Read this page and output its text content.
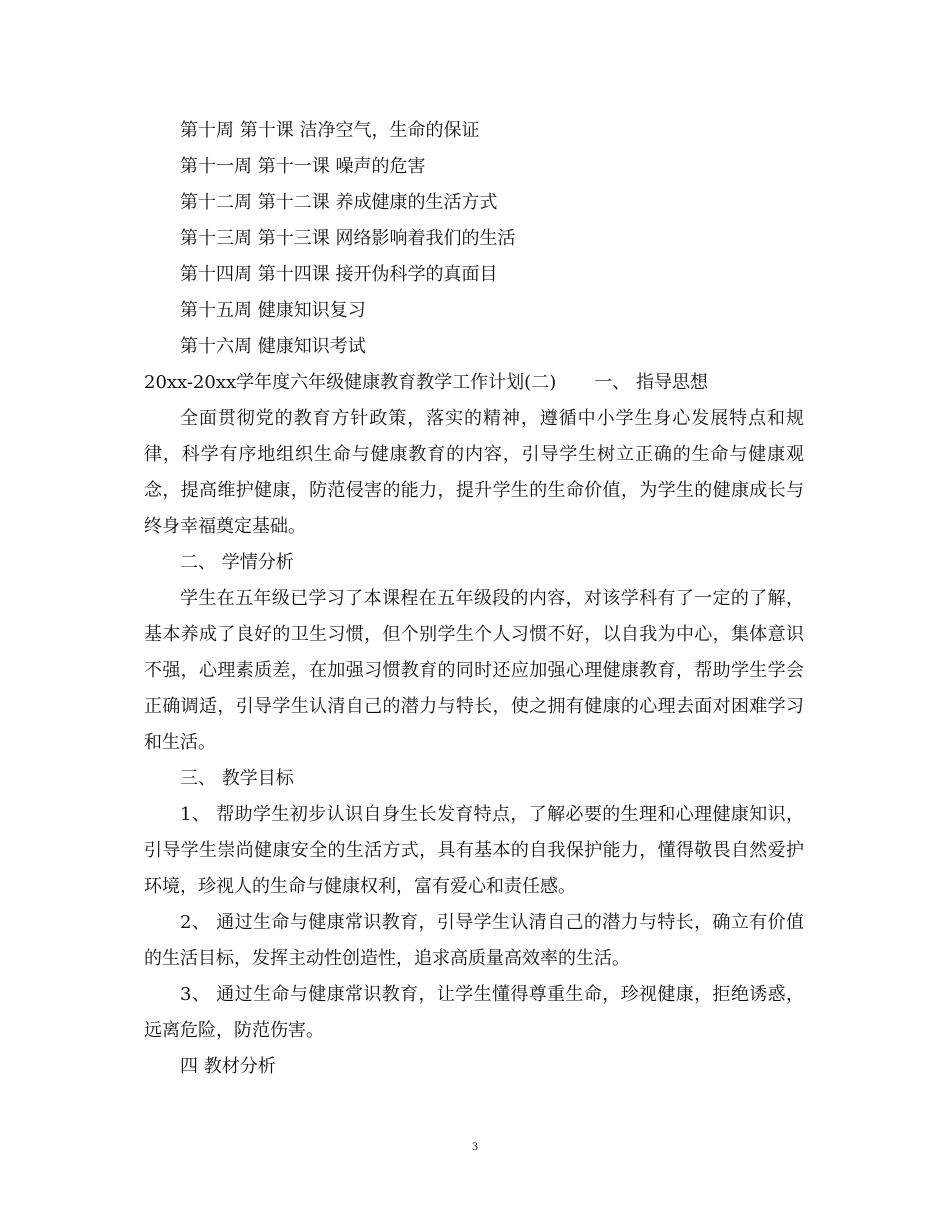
第十周 第十课 洁净空气，生命的保证

第十一周 第十一课 噪声的危害

第十二周 第十二课 养成健康的生活方式

第十三周 第十三课 网络影响着我们的生活

第十四周 第十四课 接开伪科学的真面目

第十五周 健康知识复习

第十六周 健康知识考试

20xx-20xx学年度六年级健康教育教学工作计划(二) 一、 指导思想

全面贯彻党的教育方针政策，落实的精神，遵循中小学生身心发展特点和规律，科学有序地组织生命与健康教育的内容，引导学生树立正确的生命与健康观念，提高维护健康，防范侵害的能力，提升学生的生命价值，为学生的健康成长与终身幸福奠定基础。

二、 学情分析

学生在五年级已学习了本课程在五年级段的内容，对该学科有了一定的了解，基本养成了良好的卫生习惯，但个别学生个人习惯不好，以自我为中心，集体意识不强，心理素质差，在加强习惯教育的同时还应加强心理健康教育，帮助学生学会正确调适，引导学生认清自己的潜力与特长，使之拥有健康的心理去面对困难学习和生活。

三、 教学目标

1、 帮助学生初步认识自身生长发育特点，了解必要的生理和心理健康知识，引导学生崇尚健康安全的生活方式，具有基本的自我保护能力，懂得敬畏自然爱护环境，珍视人的生命与健康权利，富有爱心和责任感。

2、 通过生命与健康常识教育，引导学生认清自己的潜力与特长，确立有价值的生活目标，发挥主动性创造性，追求高质量高效率的生活。

3、 通过生命与健康常识教育，让学生懂得尊重生命，珍视健康，拒绝诱惑，远离危险，防范伤害。

四 教材分析

3
